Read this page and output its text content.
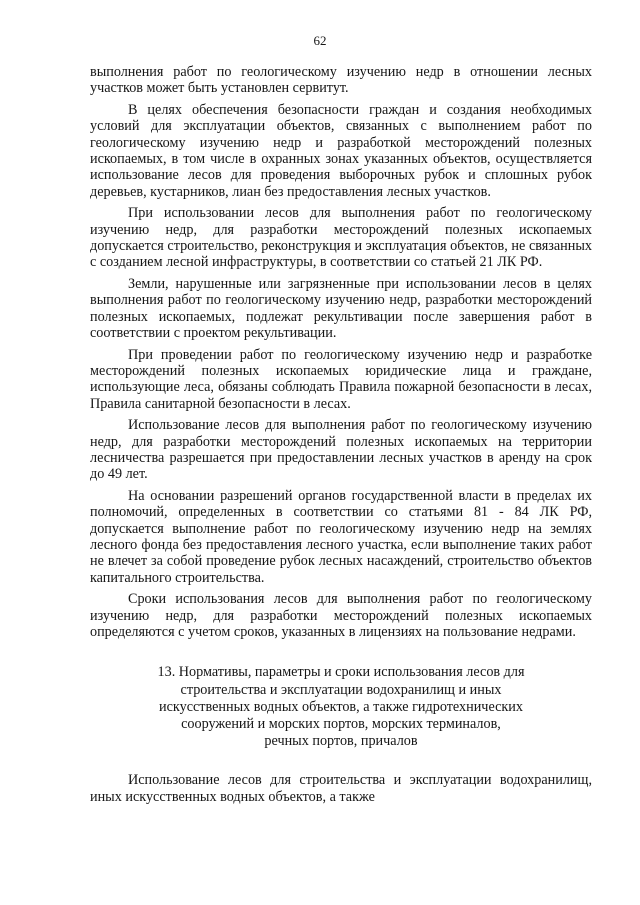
62

выполнения работ по геологическому изучению недр в отношении лесных участков может быть установлен сервитут.

В целях обеспечения безопасности граждан и создания необходимых условий для эксплуатации объектов, связанных с выполнением работ по геологическому изучению недр и разработкой месторождений полезных ископаемых, в том числе в охранных зонах указанных объектов, осуществляется использование лесов для проведения выборочных рубок и сплошных рубок деревьев, кустарников, лиан без предоставления лесных участков.

При использовании лесов для выполнения работ по геологическому изучению недр, для разработки месторождений полезных ископаемых допускается строительство, реконструкция и эксплуатация объектов, не связанных с созданием лесной инфраструктуры, в соответствии со статьей 21 ЛК РФ.

Земли, нарушенные или загрязненные при использовании лесов в целях выполнения работ по геологическому изучению недр, разработки месторождений полезных ископаемых, подлежат рекультивации после завершения работ в соответствии с проектом рекультивации.

При проведении работ по геологическому изучению недр и разработке месторождений полезных ископаемых юридические лица и граждане, использующие леса, обязаны соблюдать Правила пожарной безопасности в лесах, Правила санитарной безопасности в лесах.

Использование лесов для выполнения работ по геологическому изучению недр, для разработки месторождений полезных ископаемых на территории лесничества разрешается при предоставлении лесных участков в аренду на срок до 49 лет.

На основании разрешений органов государственной власти в пределах их полномочий, определенных в соответствии со статьями 81 - 84 ЛК РФ, допускается выполнение работ по геологическому изучению недр на землях лесного фонда без предоставления лесного участка, если выполнение таких работ не влечет за собой проведение рубок лесных насаждений, строительство объектов капитального строительства.

Сроки использования лесов для выполнения работ по геологическому изучению недр, для разработки месторождений полезных ископаемых определяются с учетом сроков, указанных в лицензиях на пользование недрами.

13. Нормативы, параметры и сроки использования лесов для
строительства и эксплуатации водохранилищ и иных
искусственных водных объектов, а также гидротехнических
сооружений и морских портов, морских терминалов,
речных портов, причалов

Использование лесов для строительства и эксплуатации водохранилищ, иных искусственных водных объектов, а также
